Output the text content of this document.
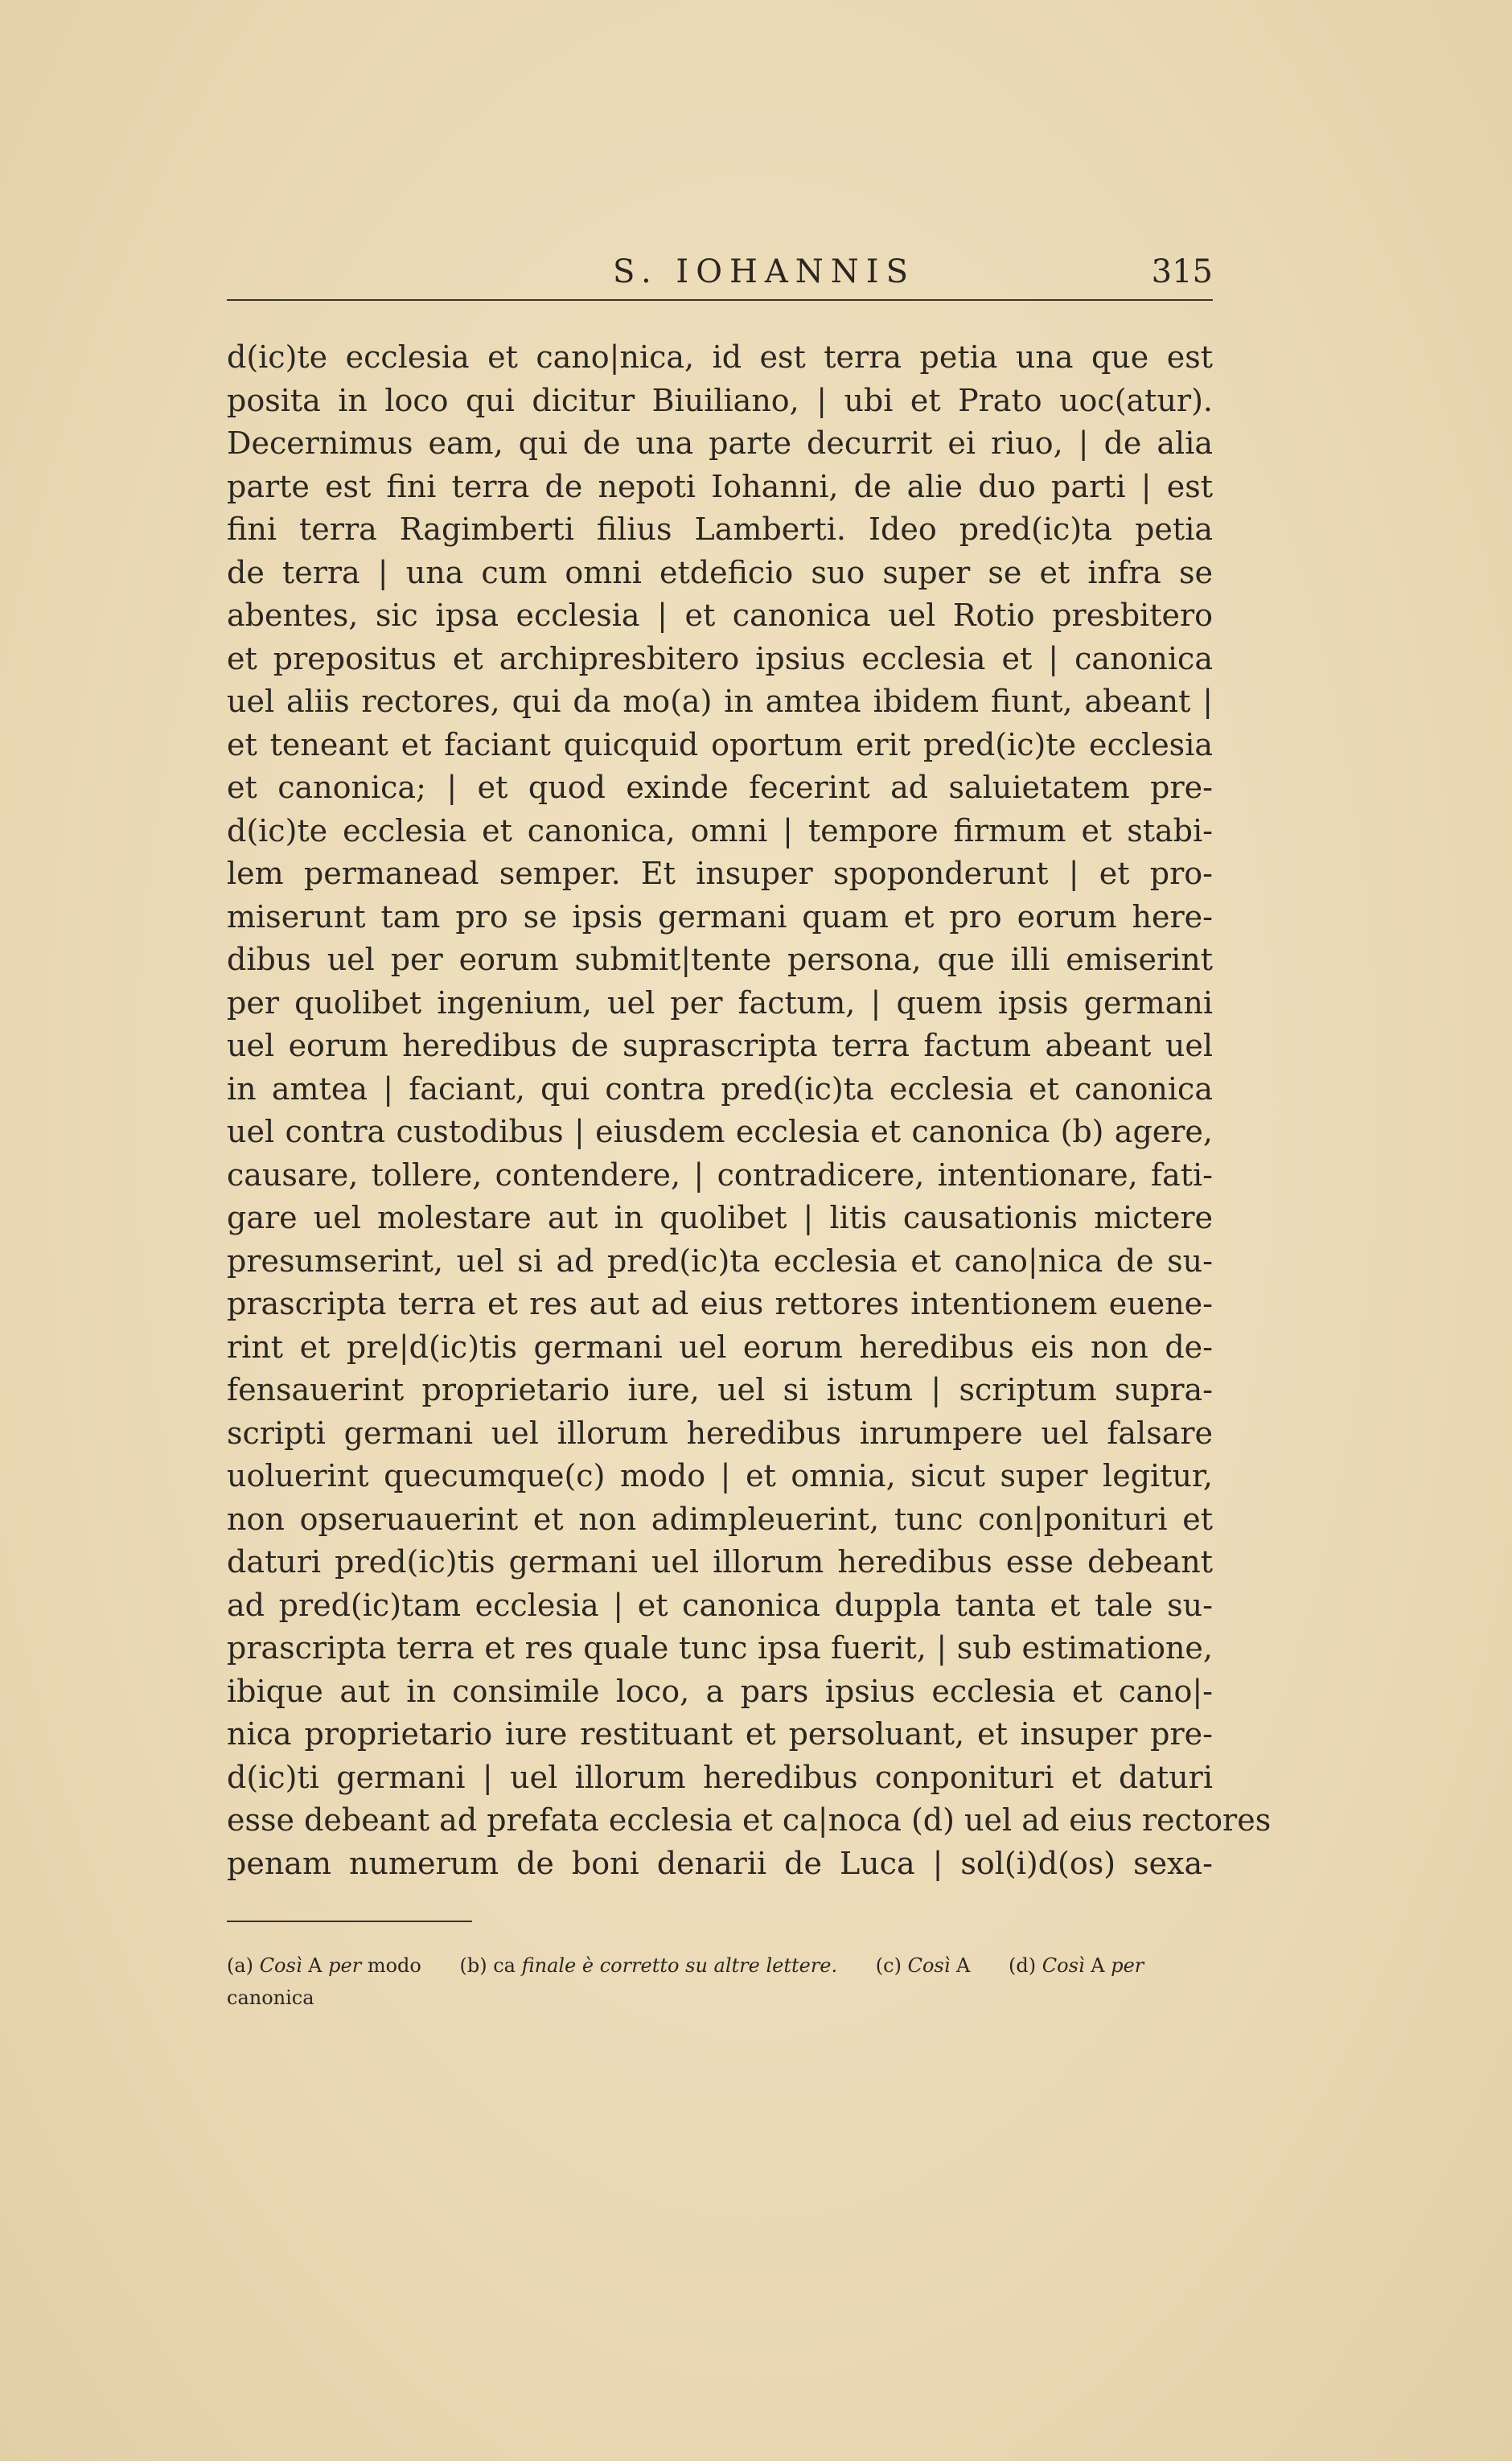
S. IOHANNIS	315
d(ic)te ecclesia et cano|nica, id est terra petia una que est
posita in loco qui dicitur Biuiliano, | ubi et Prato uoc(atur).
Decernimus eam, qui de una parte decurrit ei riuo, | de alia
parte est fini terra de nepoti Iohanni, de alie duo parti | est
fini terra Ragimberti filius Lamberti. Ideo pred(ic)ta petia
de terra | una cum omni etdeficio suo super se et infra se
abentes, sic ipsa ecclesia | et canonica uel Rotio presbitero
et prepositus et archipresbitero ipsius ecclesia et | canonica
uel aliis rectores, qui da mo(a) in amtea ibidem fiunt, abeant |
et teneant et faciant quicquid oportum erit pred(ic)te ecclesia
et canonica; | et quod exinde fecerint ad saluietatem pre-
d(ic)te ecclesia et canonica, omni | tempore firmum et stabi-
lem permanead semper. Et insuper spoponderunt | et pro-
miserunt tam pro se ipsis germani quam et pro eorum here-
dibus uel per eorum submit|tente persona, que illi emiserint
per quolibet ingenium, uel per factum, | quem ipsis germani
uel eorum heredibus de suprascripta terra factum abeant uel
in amtea | faciant, qui contra pred(ic)ta ecclesia et canonica
uel contra custodibus | eiusdem ecclesia et canonica (b) agere,
causare, tollere, contendere, | contradicere, intentionare, fati-
gare uel molestare aut in quolibet | litis causationis mictere
presumserint, uel si ad pred(ic)ta ecclesia et cano|nica de su-
prascripta terra et res aut ad eius rettores intentionem euene-
rint et pre|d(ic)tis germani uel eorum heredibus eis non de-
fensauerint proprietario iure, uel si istum | scriptum supra-
scripti germani uel illorum heredibus inrumpere uel falsare
uoluerint quecumque(c) modo | et omnia, sicut super legitur,
non opseruauerint et non adimpleuerint, tunc con|ponituri et
daturi pred(ic)tis germani uel illorum heredibus esse debeant
ad pred(ic)tam ecclesia | et canonica duppla tanta et tale su-
prascripta terra et res quale tunc ipsa fuerit, | sub estimatione,
ibique aut in consimile loco, a pars ipsius ecclesia et cano|-
nica proprietario iure restituant et persoluant, et insuper pre-
d(ic)ti germani | uel illorum heredibus conponituri et daturi
esse debeant ad prefata ecclesia et ca|noca (d) uel ad eius rectores
penam numerum de boni denarii de Luca | sol(i)d(os) sexa-
(a) Così A per modo (b) ca finale è corretto su altre lettere. (c) Così A (d) Così A per
canonica
